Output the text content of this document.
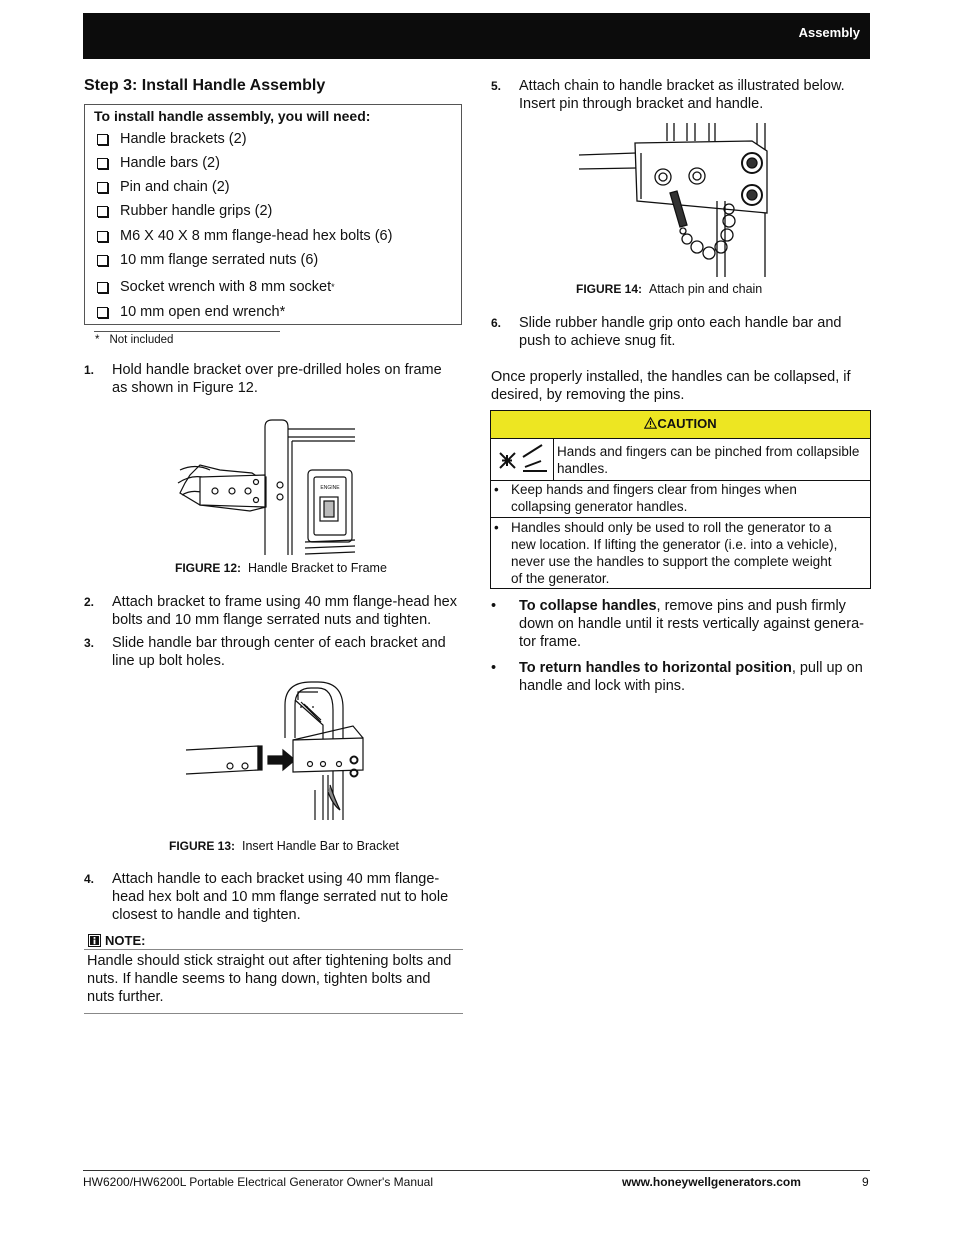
Assembly
Step 3: Install Handle Assembly
To install handle assembly, you will need:
Handle brackets (2)
Handle bars (2)
Pin and chain (2)
Rubber handle grips (2)
M6 X 40 X 8 mm flange-head hex bolts (6)
10 mm flange serrated nuts (6)
Socket wrench with 8 mm socket *
10 mm open end wrench*
* Not included
1. Hold handle bracket over pre-drilled holes on frame
as shown in Figure 12.
ENGINE
FIGURE 12: Handle Bracket to Frame
2. Attach bracket to frame using 40 mm flange-head hex
bolts and 10 mm flange serrated nuts and tighten.
3. Slide handle bar through center of each bracket and
line up bolt holes.
FIGURE 13: Insert Handle Bar to Bracket
4. Attach handle to each bracket using 40 mm flange-
head hex bolt and 10 mm flange serrated nut to hole
closest to handle and tighten.
NOTE:
Handle should stick straight out after tightening bolts and
nuts. If handle seems to hang down, tighten bolts and
nuts further.
5. Attach chain to handle bracket as illustrated below.
Insert pin through bracket and handle.
FIGURE 14: Attach pin and chain
6. Slide rubber handle grip onto each handle bar and
push to achieve snug fit.
Once properly installed, the handles can be collapsed, if
desired, by removing the pins.
CAUTION
Hands and fingers can be pinched from collapsible
handles.
• Keep hands and fingers clear from hinges when
collapsing generator handles.
• Handles should only be used to roll the generator to a
new location. If lifting the generator (i.e. into a vehicle),
never use the handles to support the complete weight
of the generator.
• To collapse handles, remove pins and push firmly
down on handle until it rests vertically against genera-
tor frame.
• To return handles to horizontal position, pull up on
handle and lock with pins.
HW6200/HW6200L Portable Electrical Generator Owner's Manual	www.honeywellgenerators.com	9
